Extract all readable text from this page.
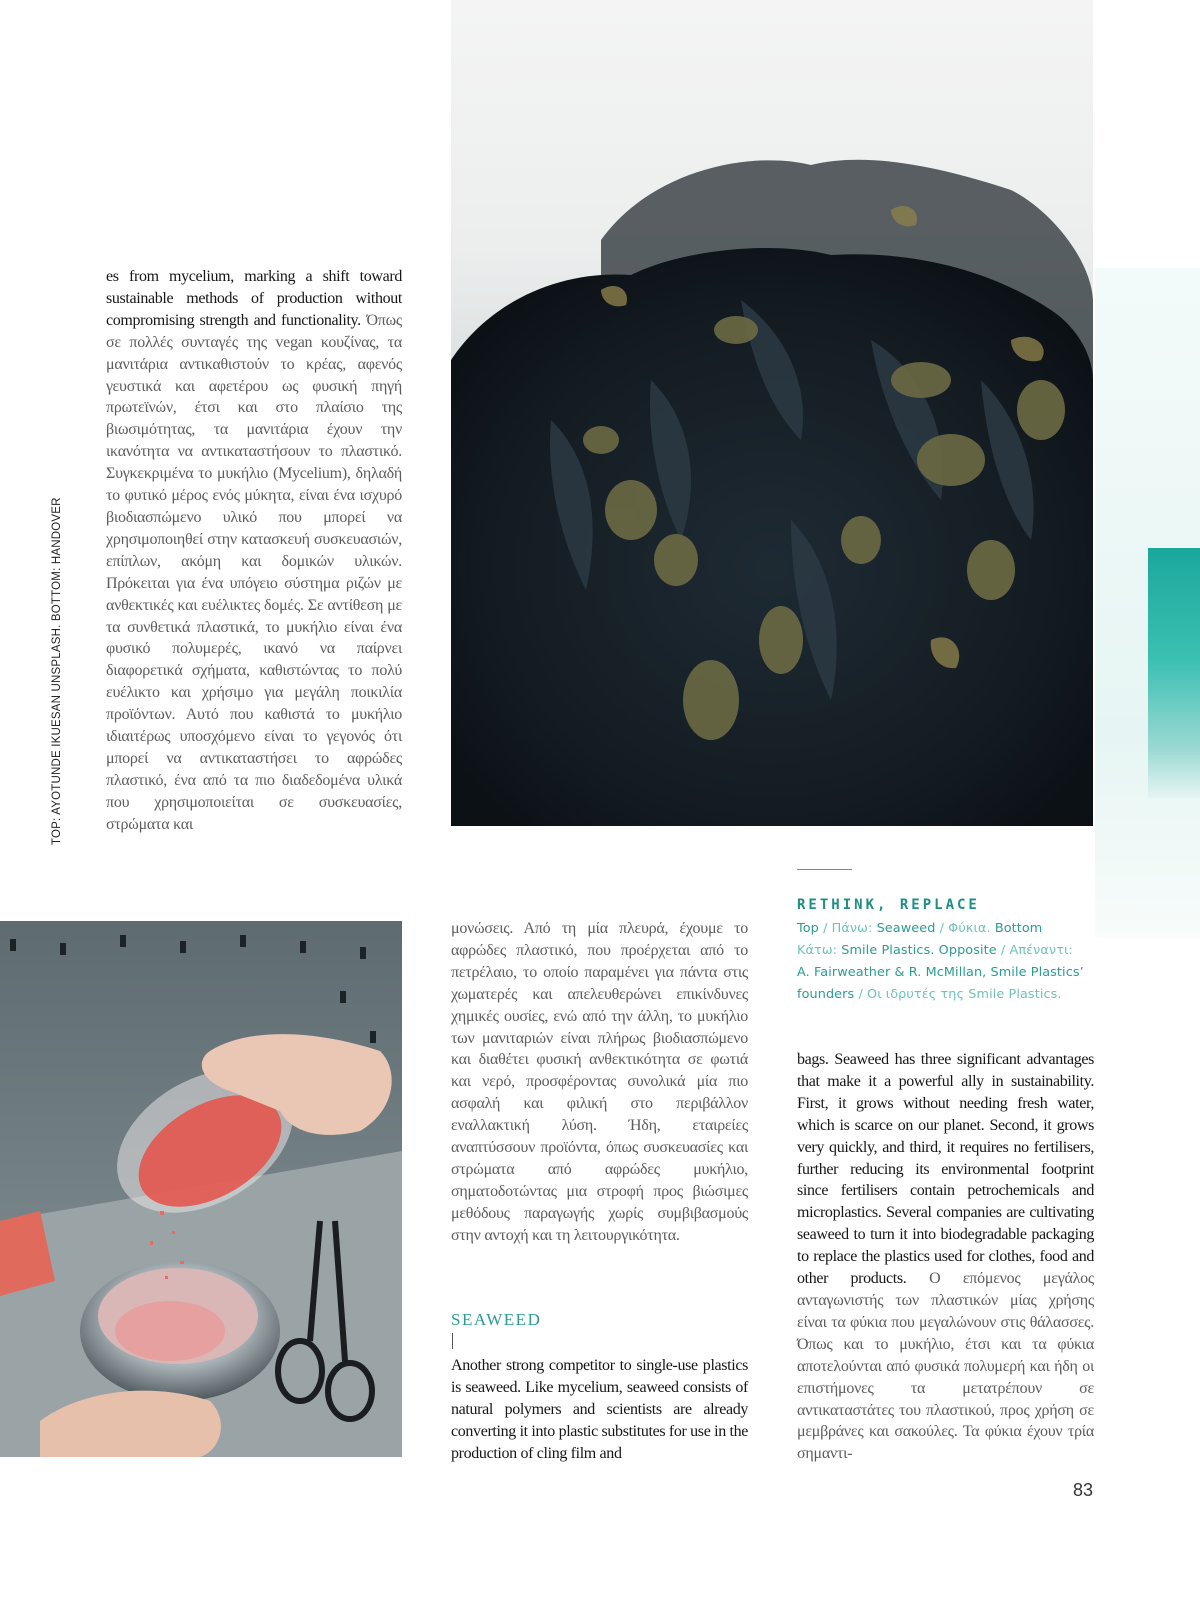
TOP: AYOTUNDE IKUESAN UNSPLASH. BOTTOM: HANDOVER
es from mycelium, marking a shift toward sustainable methods of production without compromising strength and functionality. Όπως σε πολλές συνταγές της vegan κουζίνας, τα μανιτάρια αντικαθιστούν το κρέας, αφενός γευστικά και αφετέρου ως φυσική πηγή πρωτεϊνών, έτσι και στο πλαίσιο της βιωσιμότητας, τα μανιτάρια έχουν την ικανότητα να αντικαταστήσουν το πλαστικό. Συγκεκριμένα το μυκήλιο (Mycelium), δηλαδή το φυτικό μέρος ενός μύκητα, είναι ένα ισχυρό βιοδιασπώμενο υλικό που μπορεί να χρησιμοποιηθεί στην κατασκευή συσκευασιών, επίπλων, ακόμη και δομικών υλικών. Πρόκειται για ένα υπόγειο σύστημα ριζών με ανθεκτικές και ευέλικτες δομές. Σε αντίθεση με τα συνθετικά πλαστικά, το μυκήλιο είναι ένα φυσικό πολυμερές, ικανό να παίρνει διαφορετικά σχήματα, καθιστώντας το πολύ ευέλικτο και χρήσιμο για μεγάλη ποικιλία προϊόντων. Αυτό που καθιστά το μυκήλιο ιδιαιτέρως υποσχόμενο είναι το γεγονός ότι μπορεί να αντικαταστήσει το αφρώδες πλαστικό, ένα από τα πιο διαδεδομένα υλικά που χρησιμοποιείται σε συσκευασίες, στρώματα και
μονώσεις. Από τη μία πλευρά, έχουμε το αφρώδες πλαστικό, που προέρχεται από το πετρέλαιο, το οποίο παραμένει για πάντα στις χωματερές και απελευθερώνει επικίνδυνες χημικές ουσίες, ενώ από την άλλη, το μυκήλιο των μανιταριών είναι πλήρως βιοδιασπώμενο και διαθέτει φυσική ανθεκτικότητα σε φωτιά και νερό, προσφέροντας συνολικά μία πιο ασφαλή και φιλική στο περιβάλλον εναλλακτική λύση. Ήδη, εταιρείες αναπτύσσουν προϊόντα, όπως συσκευασίες και στρώματα από αφρώδες μυκήλιο, σηματοδοτώντας μια στροφή προς βιώσιμες μεθόδους παραγωγής χωρίς συμβιβασμούς στην αντοχή και τη λειτουργικότητα.
SEAWEED
Another strong competitor to single-use plastics is seaweed. Like mycelium, seaweed consists of natural polymers and scientists are already converting it into plastic substitutes for use in the production of cling film and
RETHINK, REPLACE
Top / Πάνω: Seaweed / Φύκια. Bottom
Κάτω: Smile Plastics. Opposite / Απέναντι:
A. Fairweather & R. McMillan, Smile Plastics’ founders / Οι ιδρυτές της Smile Plastics.
bags. Seaweed has three significant advantages that make it a powerful ally in sustainability. First, it grows without needing fresh water, which is scarce on our planet. Second, it grows very quickly, and third, it requires no fertilisers, further reducing its environmental footprint since fertilisers contain petrochemicals and microplastics. Several companies are cultivating seaweed to turn it into biodegradable packaging to replace the plastics used for clothes, food and other products. Ο επόμενος μεγάλος ανταγωνιστής των πλαστικών μίας χρήσης είναι τα φύκια που μεγαλώνουν στις θάλασσες. Όπως και το μυκήλιο, έτσι και τα φύκια αποτελούνται από φυσικά πολυμερή και ήδη οι επιστήμονες τα μετατρέπουν σε αντικαταστάτες του πλαστικού, προς χρήση σε μεμβράνες και σακούλες. Τα φύκια έχουν τρία σημαντι-
83
